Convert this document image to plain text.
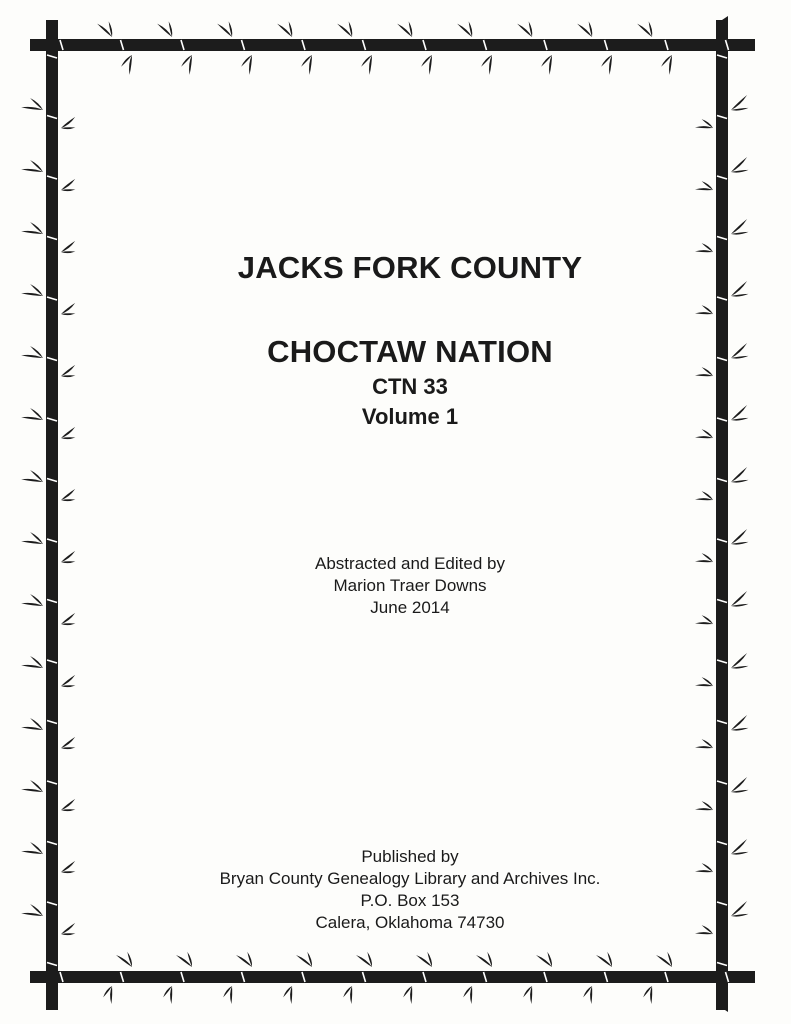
JACKS FORK COUNTY
CHOCTAW NATION
CTN 33
Volume 1
Abstracted and Edited by
Marion Traer Downs
June 2014
Published by
Bryan County Genealogy Library and Archives Inc.
P.O. Box 153
Calera, Oklahoma 74730
